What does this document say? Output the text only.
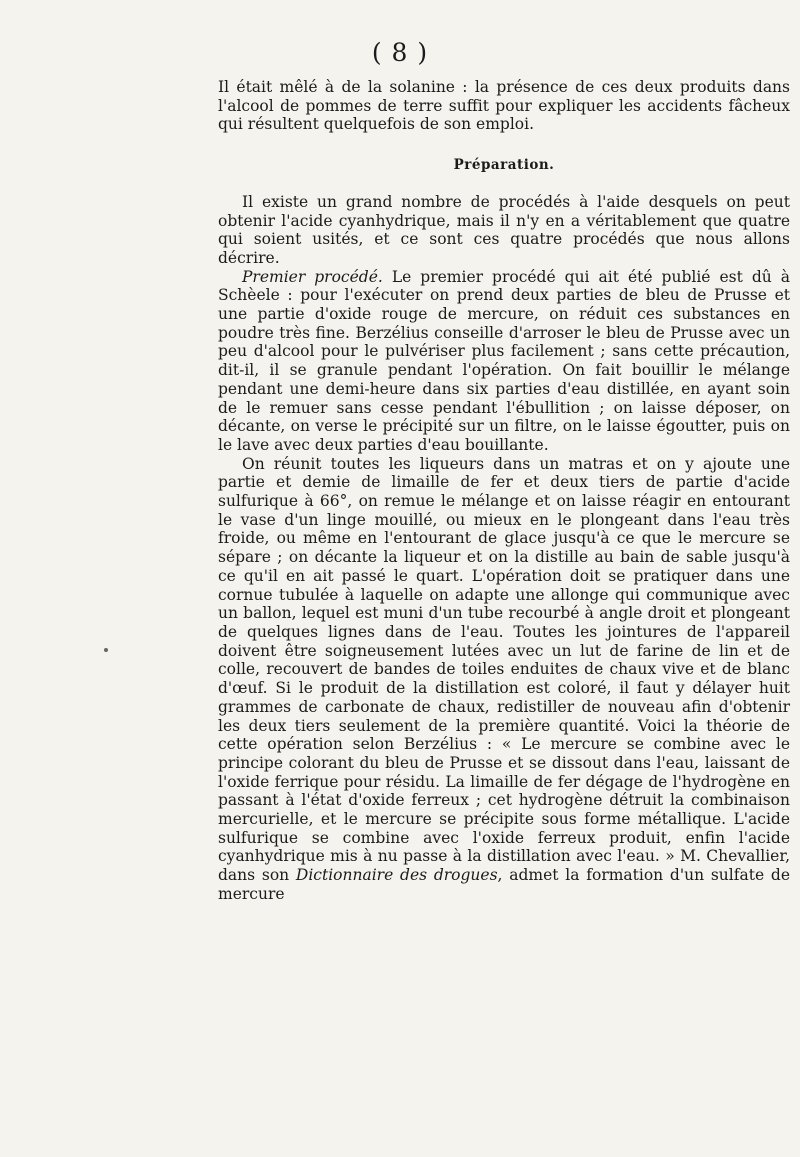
( 8 )

Il était mêlé à de la solanine : la présence de ces deux produits dans l'alcool de pommes de terre suffit pour expliquer les accidents fâcheux qui résultent quelquefois de son emploi.

Préparation.

Il existe un grand nombre de procédés à l'aide desquels on peut obtenir l'acide cyanhydrique, mais il n'y en a véritablement que quatre qui soient usités, et ce sont ces quatre procédés que nous allons décrire.

Premier procédé. Le premier procédé qui ait été publié est dû à Schèele : pour l'exécuter on prend deux parties de bleu de Prusse et une partie d'oxide rouge de mercure, on réduit ces substances en poudre très fine. Berzélius conseille d'arroser le bleu de Prusse avec un peu d'alcool pour le pulvériser plus facilement ; sans cette précaution, dit-il, il se granule pendant l'opération. On fait bouillir le mélange pendant une demi-heure dans six parties d'eau distillée, en ayant soin de le remuer sans cesse pendant l'ébullition ; on laisse déposer, on décante, on verse le précipité sur un filtre, on le laisse égoutter, puis on le lave avec deux parties d'eau bouillante.

On réunit toutes les liqueurs dans un matras et on y ajoute une partie et demie de limaille de fer et deux tiers de partie d'acide sulfurique à 66°, on remue le mélange et on laisse réagir en entourant le vase d'un linge mouillé, ou mieux en le plongeant dans l'eau très froide, ou même en l'entourant de glace jusqu'à ce que le mercure se sépare ; on décante la liqueur et on la distille au bain de sable jusqu'à ce qu'il en ait passé le quart. L'opération doit se pratiquer dans une cornue tubulée à laquelle on adapte une allonge qui communique avec un ballon, lequel est muni d'un tube recourbé à angle droit et plongeant de quelques lignes dans de l'eau. Toutes les jointures de l'appareil doivent être soigneusement lutées avec un lut de farine de lin et de colle, recouvert de bandes de toiles enduites de chaux vive et de blanc d'œuf. Si le produit de la distillation est coloré, il faut y délayer huit grammes de carbonate de chaux, redistiller de nouveau afin d'obtenir les deux tiers seulement de la première quantité. Voici la théorie de cette opération selon Berzélius : « Le mercure se combine avec le principe colorant du bleu de Prusse et se dissout dans l'eau, laissant de l'oxide ferrique pour résidu. La limaille de fer dégage de l'hydrogène en passant à l'état d'oxide ferreux ; cet hydrogène détruit la combinaison mercurielle, et le mercure se précipite sous forme métallique. L'acide sulfurique se combine avec l'oxide ferreux produit, enfin l'acide cyanhydrique mis à nu passe à la distillation avec l'eau. » M. Chevallier, dans son Dictionnaire des drogues, admet la formation d'un sulfate de mercure
